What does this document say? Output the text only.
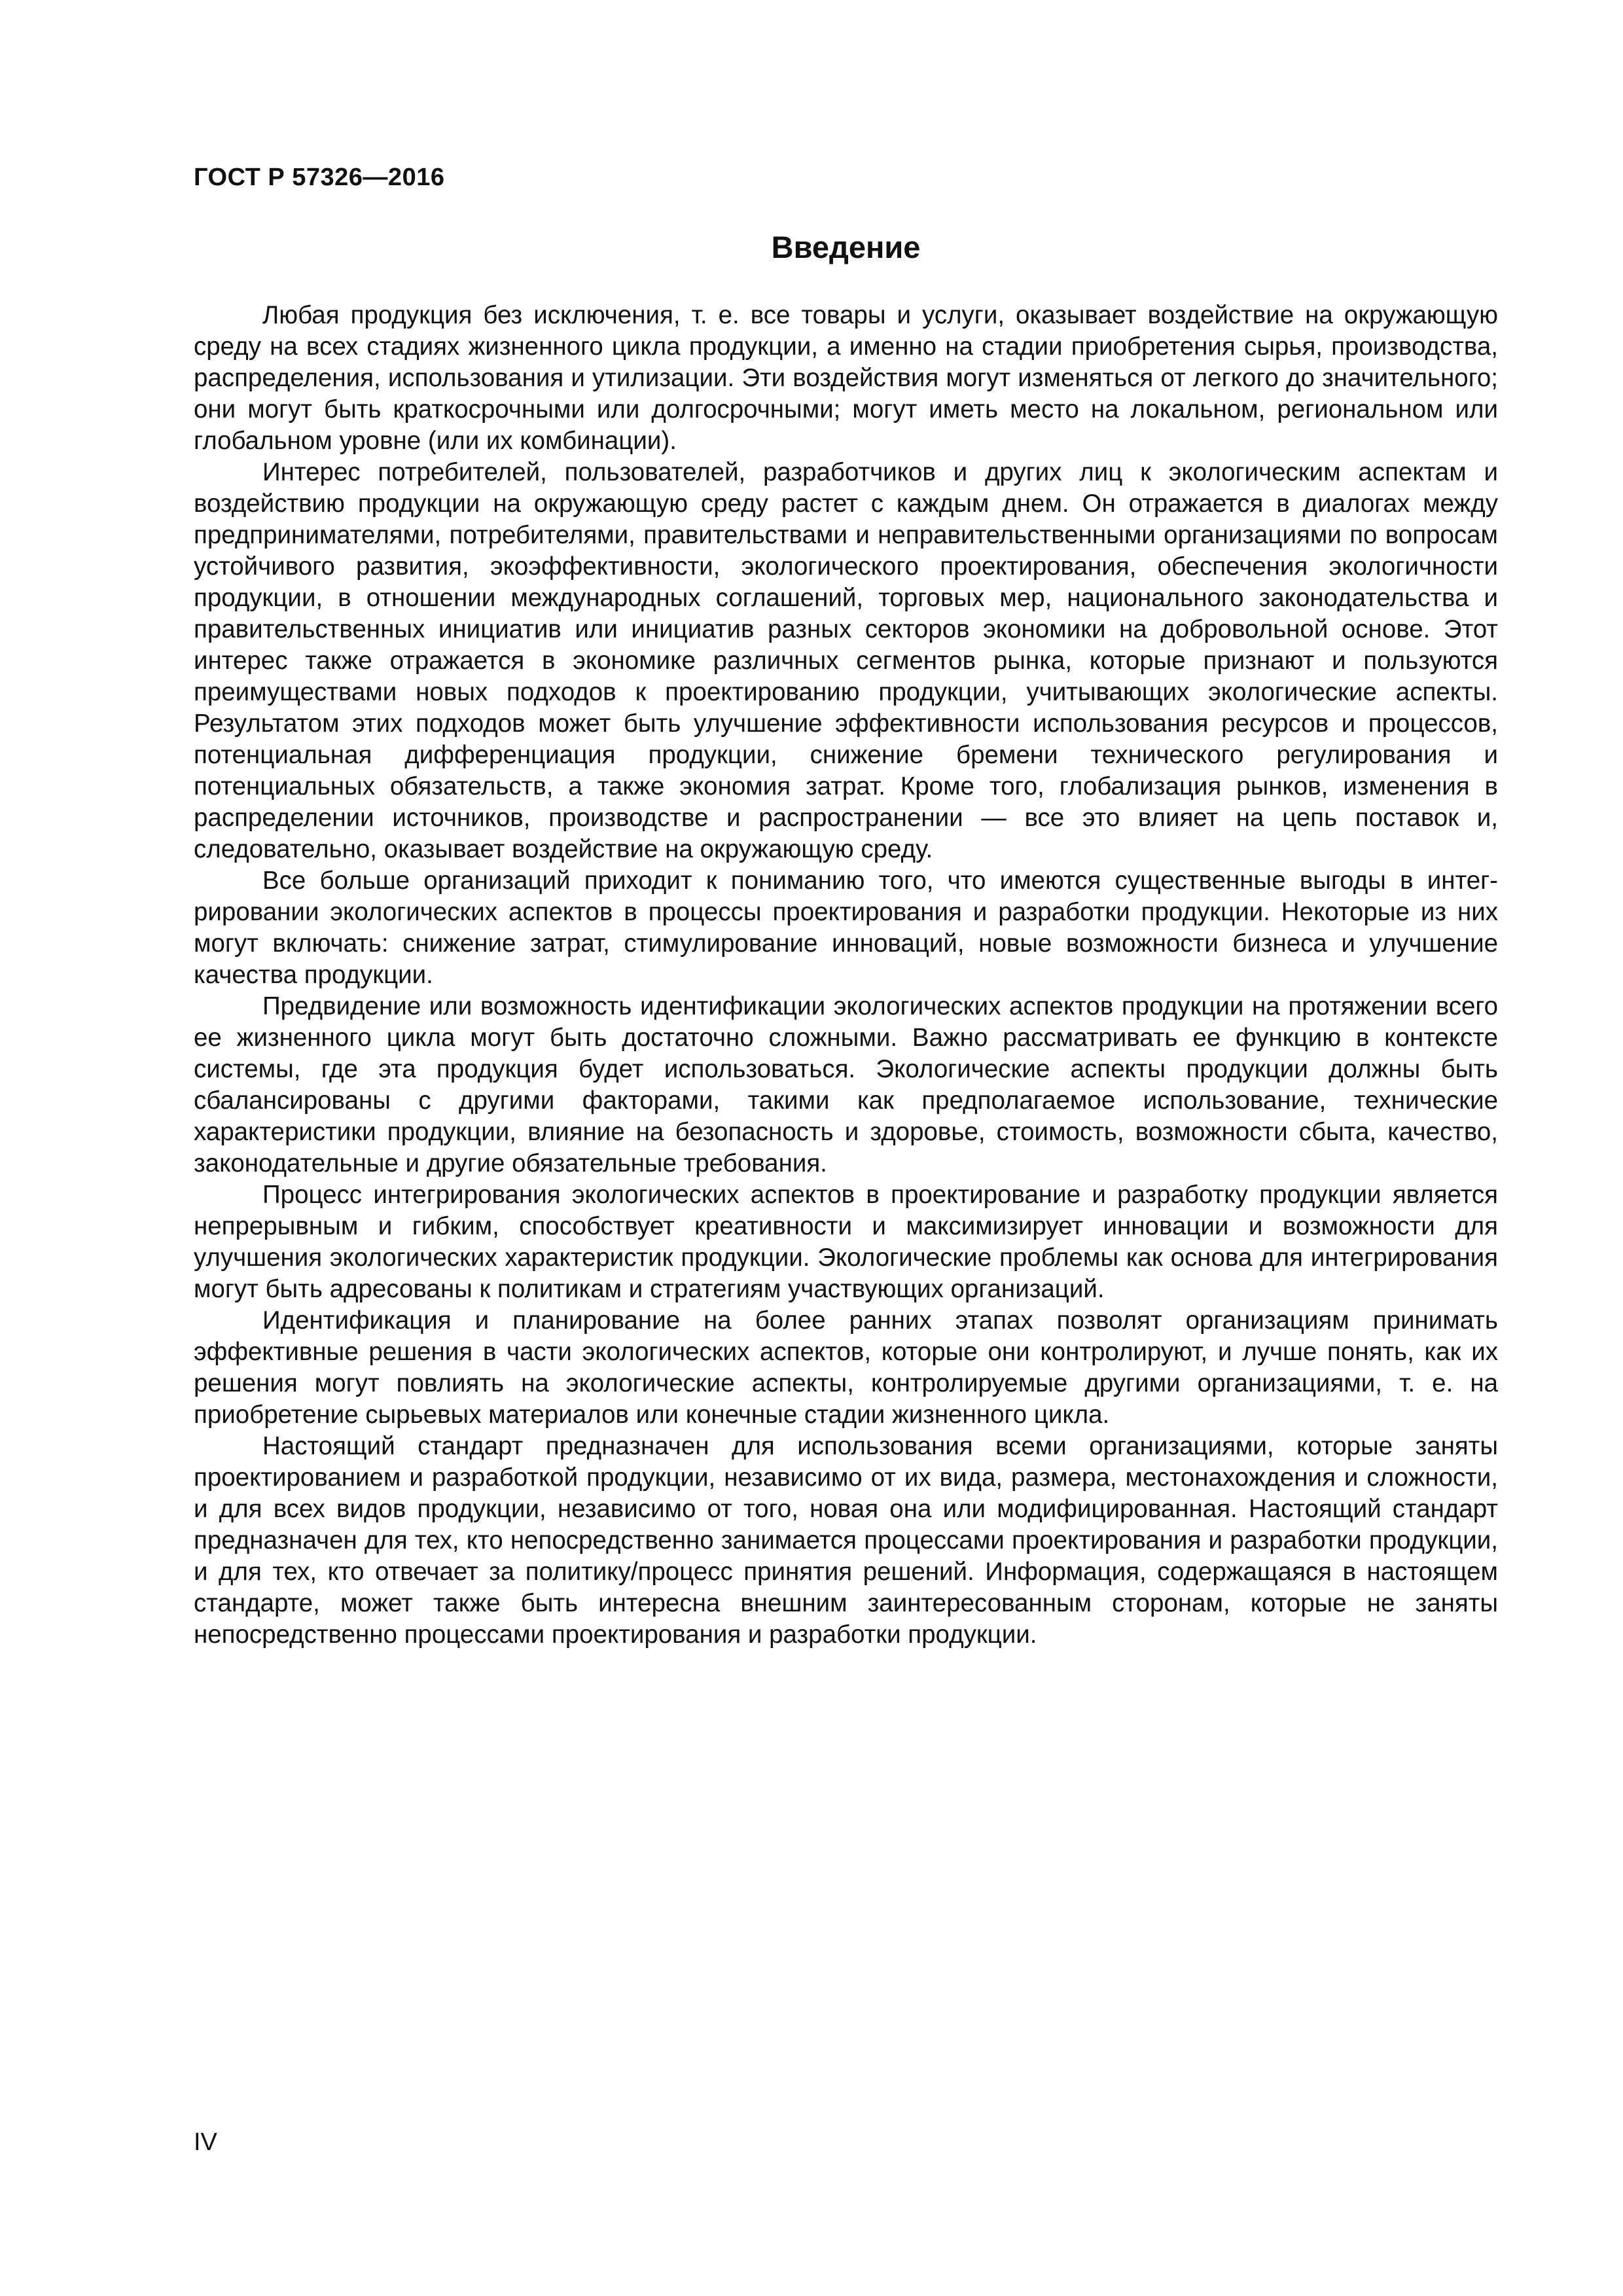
ГОСТ Р 57326—2016
Введение

Любая продукция без исключения, т. е. все товары и услуги, оказывает воздействие на окружающую среду на всех стадиях жизненного цикла продукции, а именно на стадии приобретения сырья, производства, распределения, использования и утилизации. Эти воздействия могут изменяться от легкого до значительного; они могут быть краткосрочными или долгосрочными; могут иметь место на локальном, региональном или глобальном уровне (или их комбинации).

Интерес потребителей, пользователей, разработчиков и других лиц к экологическим аспектам и воздействию продукции на окружающую среду растет с каждым днем. Он отражается в диалогах между предпринимателями, потребителями, правительствами и неправительственными организациями по вопросам устойчивого развития, экоэффективности, экологического проектирования, обеспечения экологичности продукции, в отношении международных соглашений, торговых мер, национального законодательства и правительственных инициатив или инициатив разных секторов экономики на добровольной основе. Этот интерес также отражается в экономике различных сегментов рынка, которые признают и пользуются преимуществами новых подходов к проектированию продукции, учитывающих экологические аспекты. Результатом этих подходов может быть улучшение эффективности использования ресурсов и процессов, потенциальная дифференциация продукции, снижение бремени технического регулирования и потенциальных обязательств, а также экономия затрат. Кроме того, глобализация рынков, изменения в распределении источников, производстве и распространении — все это влияет на цепь поставок и, следовательно, оказывает воздействие на окружающую среду.

Все больше организаций приходит к пониманию того, что имеются существенные выгоды в интегрировании экологических аспектов в процессы проектирования и разработки продукции. Некоторые из них могут включать: снижение затрат, стимулирование инноваций, новые возможности бизнеса и улучшение качества продукции.

Предвидение или возможность идентификации экологических аспектов продукции на протяжении всего ее жизненного цикла могут быть достаточно сложными. Важно рассматривать ее функцию в контексте системы, где эта продукция будет использоваться. Экологические аспекты продукции должны быть сбалансированы с другими факторами, такими как предполагаемое использование, технические характеристики продукции, влияние на безопасность и здоровье, стоимость, возможности сбыта, качество, законодательные и другие обязательные требования.

Процесс интегрирования экологических аспектов в проектирование и разработку продукции является непрерывным и гибким, способствует креативности и максимизирует инновации и возможности для улучшения экологических характеристик продукции. Экологические проблемы как основа для интегрирования могут быть адресованы к политикам и стратегиям участвующих организаций.

Идентификация и планирование на более ранних этапах позволят организациям принимать эффективные решения в части экологических аспектов, которые они контролируют, и лучше понять, как их решения могут повлиять на экологические аспекты, контролируемые другими организациями, т. е. на приобретение сырьевых материалов или конечные стадии жизненного цикла.

Настоящий стандарт предназначен для использования всеми организациями, которые заняты проектированием и разработкой продукции, независимо от их вида, размера, местонахождения и сложности, и для всех видов продукции, независимо от того, новая она или модифицированная. Настоящий стандарт предназначен для тех, кто непосредственно занимается процессами проектирования и разработки продукции, и для тех, кто отвечает за политику/процесс принятия решений. Информация, содержащаяся в настоящем стандарте, может также быть интересна внешним заинтересованным сторонам, которые не заняты непосредственно процессами проектирования и разработки продукции.

IV
